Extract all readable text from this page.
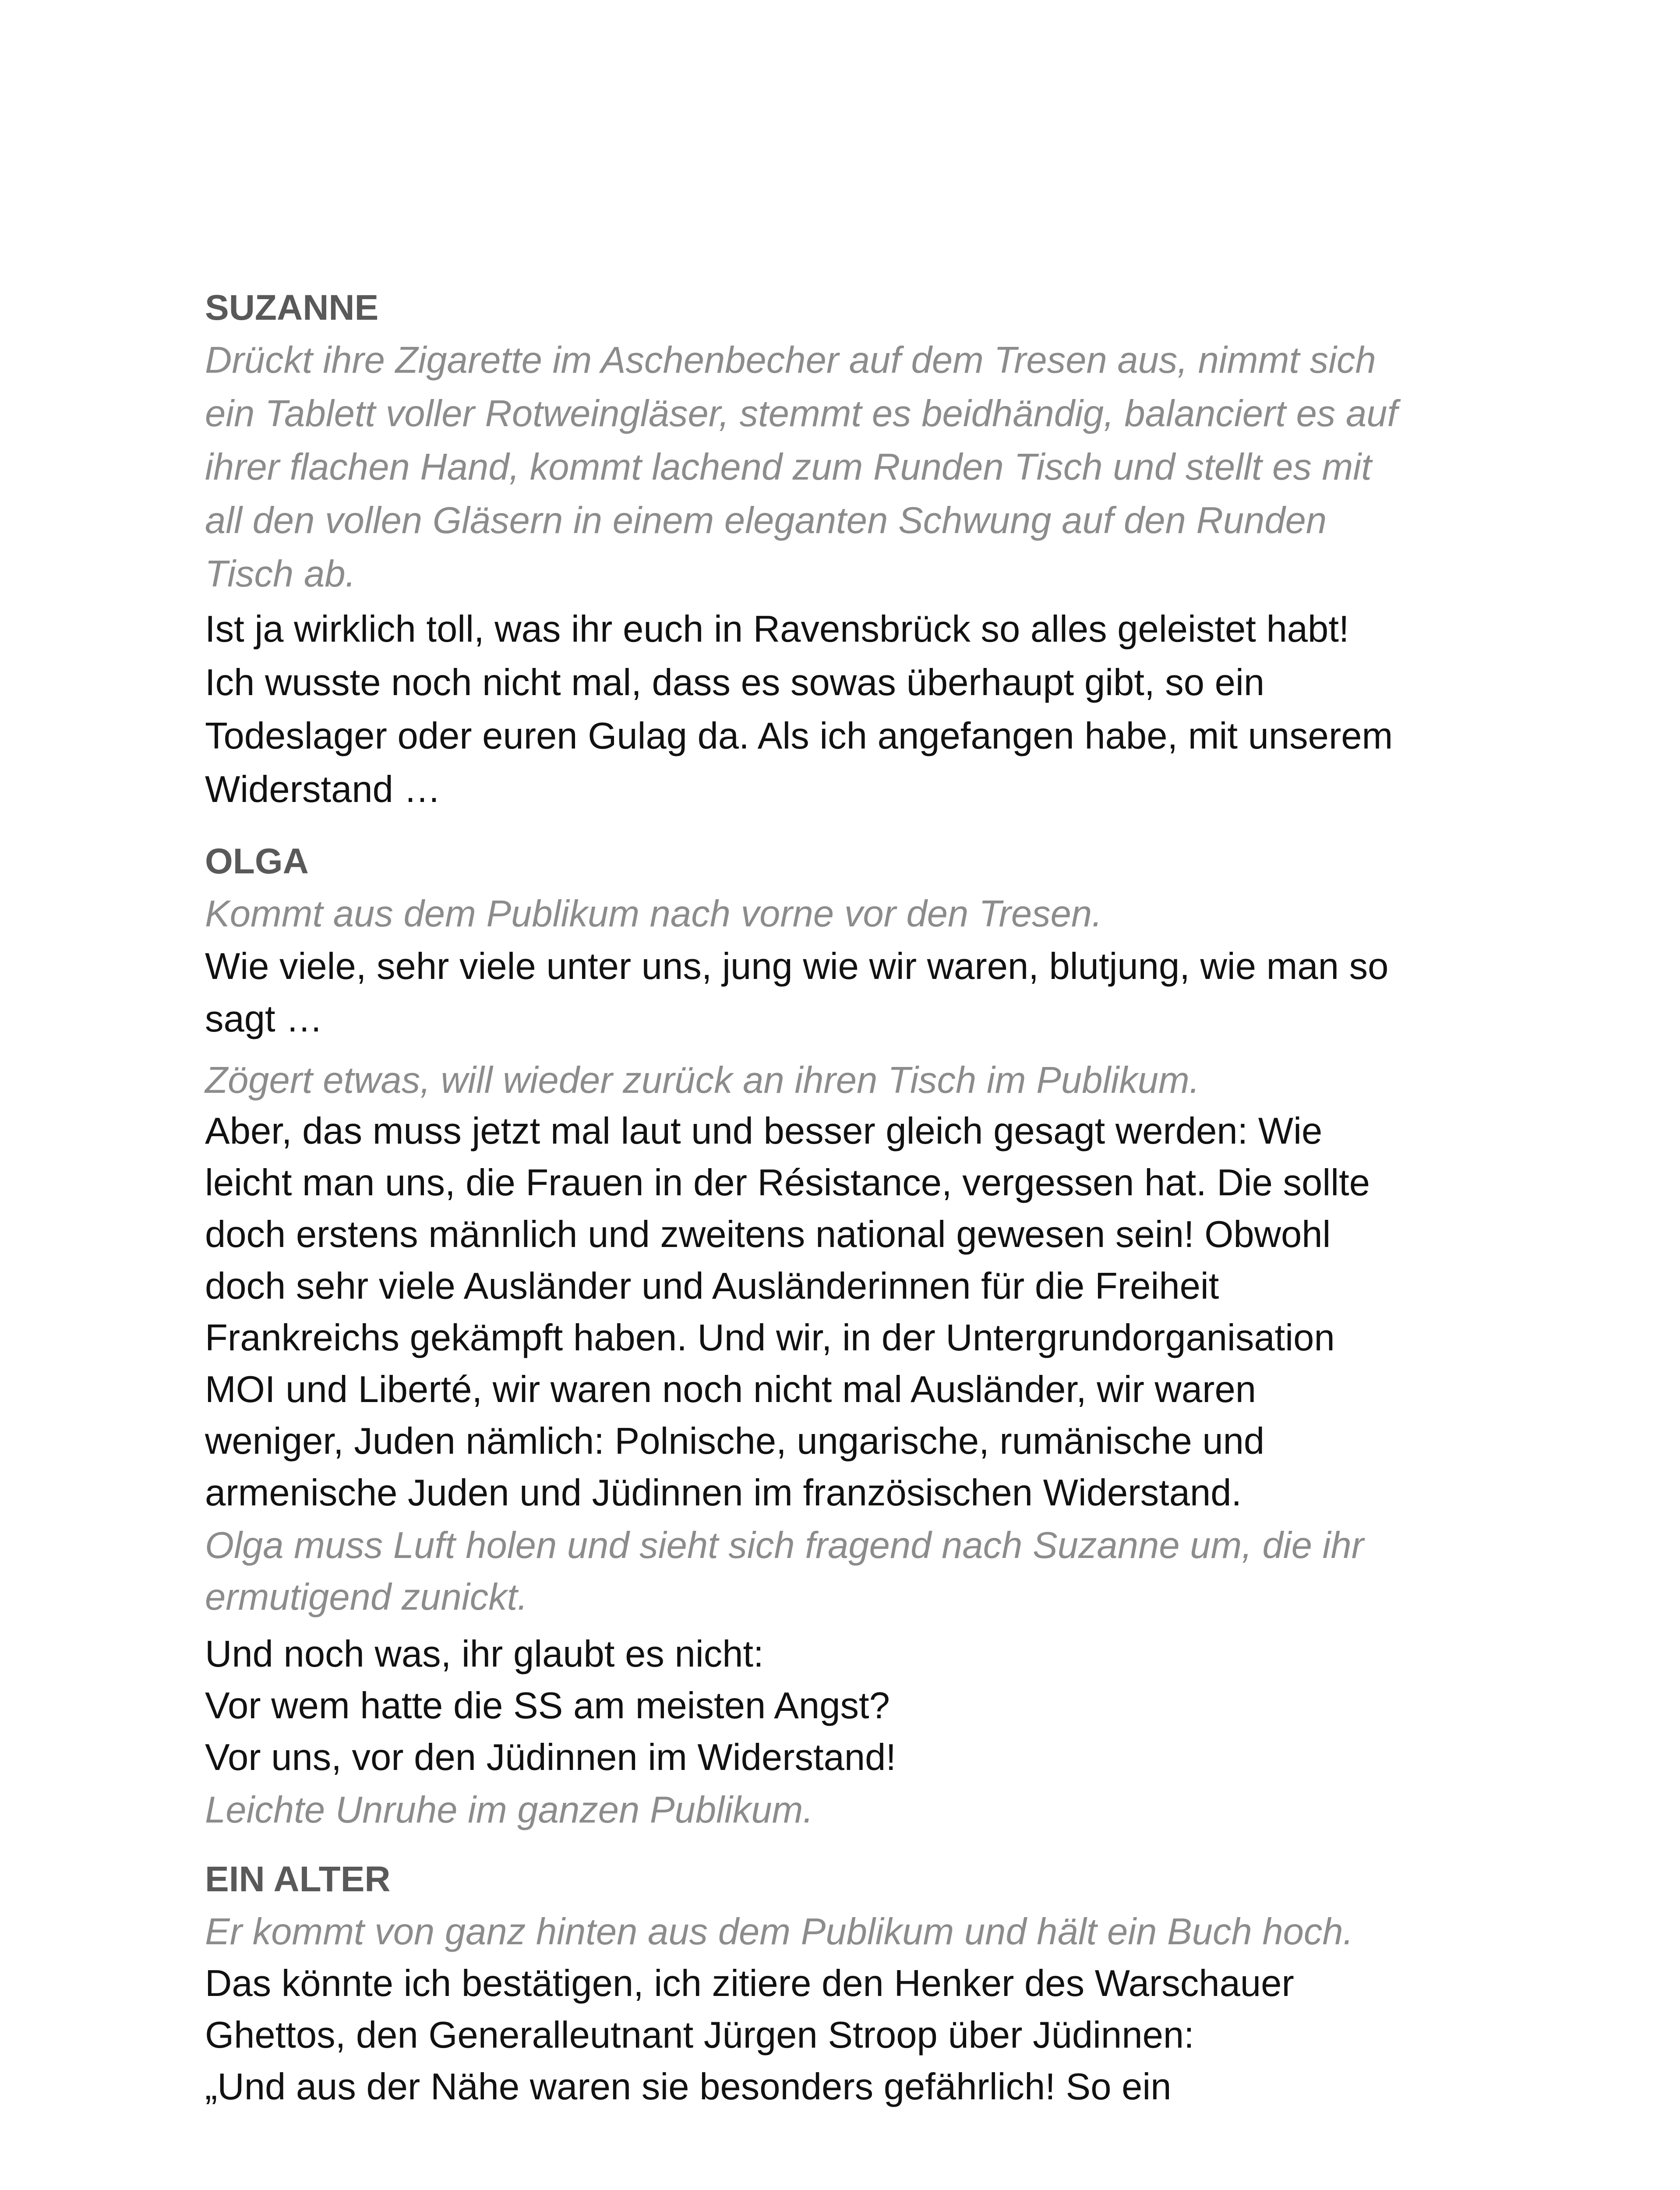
SUZANNE
Drückt ihre Zigarette im Aschenbecher auf dem Tresen aus, nimmt sich
ein Tablett voller Rotweingläser, stemmt es beidhändig, balanciert es auf
ihrer flachen Hand, kommt lachend zum Runden Tisch und stellt es mit
all den vollen Gläsern in einem eleganten Schwung auf den Runden
Tisch ab.
Ist ja wirklich toll, was ihr euch in Ravensbrück so alles geleistet habt!
Ich wusste noch nicht mal, dass es sowas überhaupt gibt, so ein
Todeslager oder euren Gulag da. Als ich angefangen habe, mit unserem
Widerstand …
OLGA
Kommt aus dem Publikum nach vorne vor den Tresen.
Wie viele, sehr viele unter uns, jung wie wir waren, blutjung, wie man so
sagt …
Zögert etwas, will wieder zurück an ihren Tisch im Publikum.
Aber, das muss jetzt mal laut und besser gleich gesagt werden: Wie
leicht man uns, die Frauen in der Résistance, vergessen hat. Die sollte
doch erstens männlich und zweitens national gewesen sein! Obwohl
doch sehr viele Ausländer und Ausländerinnen für die Freiheit
Frankreichs gekämpft haben. Und wir, in der Untergrundorganisation
MOI und Liberté, wir waren noch nicht mal Ausländer, wir waren
weniger, Juden nämlich: Polnische, ungarische, rumänische und
armenische Juden und Jüdinnen im französischen Widerstand.
Olga muss Luft holen und sieht sich fragend nach Suzanne um, die ihr
ermutigend zunickt.
Und noch was, ihr glaubt es nicht:
Vor wem hatte die SS am meisten Angst?
Vor uns, vor den Jüdinnen im Widerstand!
Leichte Unruhe im ganzen Publikum.
EIN ALTER
Er kommt von ganz hinten aus dem Publikum und hält ein Buch hoch.
Das könnte ich bestätigen, ich zitiere den Henker des Warschauer
Ghettos, den Generalleutnant Jürgen Stroop über Jüdinnen:
„Und aus der Nähe waren sie besonders gefährlich! So ein
